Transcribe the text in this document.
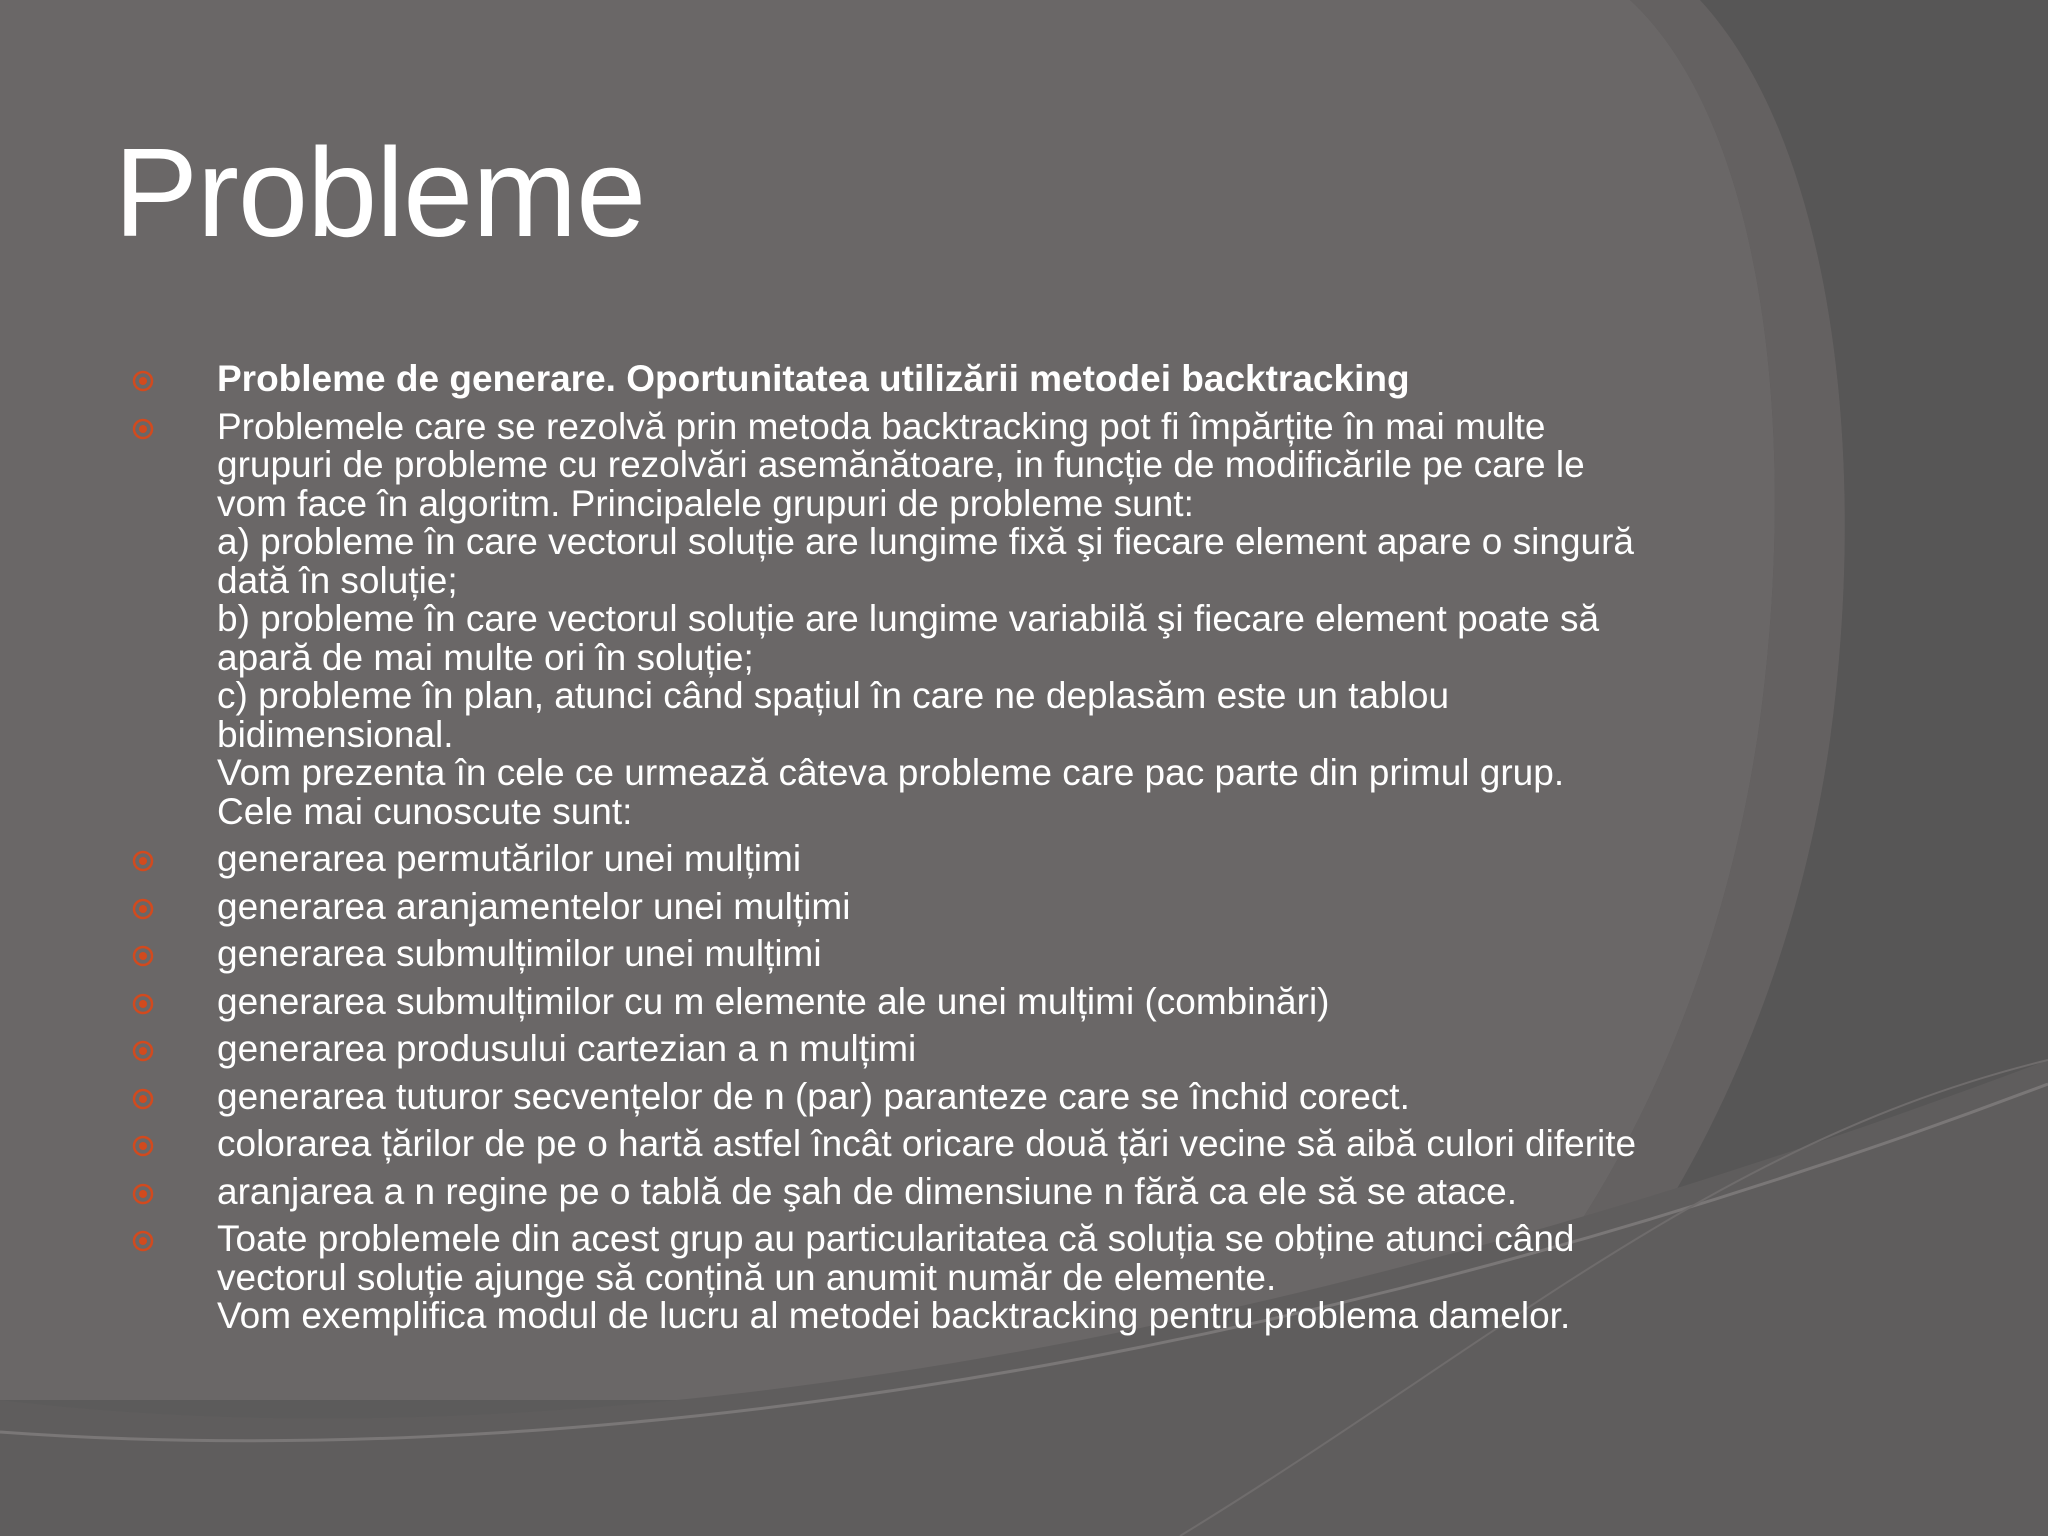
Probleme
Probleme de generare. Oportunitatea utilizării metodei backtracking
Problemele care se rezolvă prin metoda backtracking pot fi împărțite în mai multe
grupuri de probleme cu rezolvări asemănătoare, in funcție de modificările pe care le
vom face în algoritm. Principalele grupuri de probleme sunt:
a) probleme în care vectorul soluție are lungime fixă şi fiecare element apare o singură
dată în soluție;
b) probleme în care vectorul soluție are lungime variabilă şi fiecare element poate să
apară de mai multe ori în soluție;
c) probleme în plan, atunci când spațiul în care ne deplasăm este un tablou
bidimensional.
Vom prezenta în cele ce urmează câteva probleme care pac parte din primul grup.
Cele mai cunoscute sunt:
generarea permutărilor unei mulțimi
generarea aranjamentelor unei mulțimi
generarea submulțimilor unei mulțimi
generarea submulțimilor cu m elemente ale unei mulțimi (combinări)
generarea produsului cartezian a n mulțimi
generarea tuturor secvențelor de n (par) paranteze care se închid corect.
colorarea țărilor de pe o hartă astfel încât oricare două țări vecine să aibă culori diferite
aranjarea a n regine pe o tablă de şah de dimensiune n fără ca ele să se atace.
Toate problemele din acest grup au particularitatea că soluția se obține atunci când
vectorul soluție ajunge să conțină un anumit număr de elemente.
Vom exemplifica modul de lucru al metodei backtracking pentru problema damelor.
